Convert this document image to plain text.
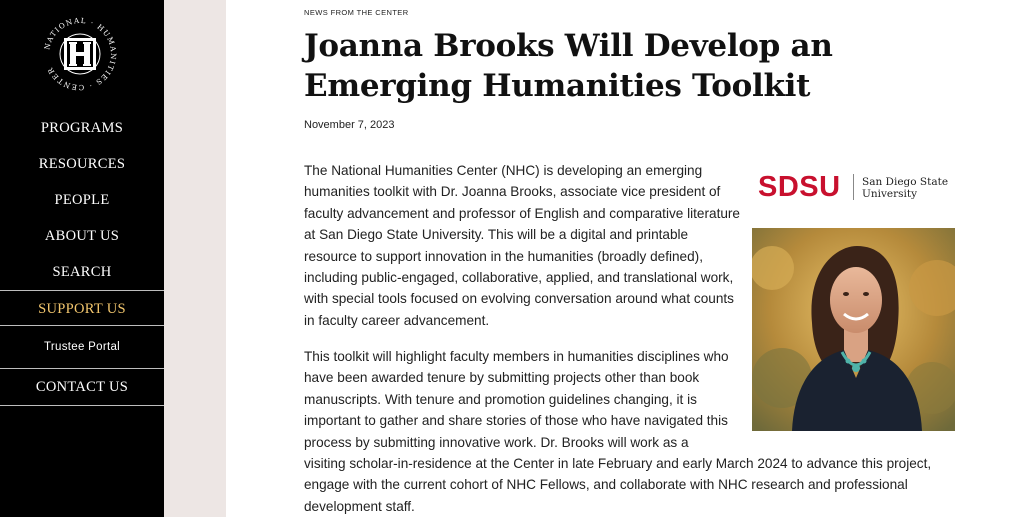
NATIONAL · HUMANITIES · CENTER
H
PROGRAMS
RESOURCES
PEOPLE
ABOUT US
SEARCH
SUPPORT US
Trustee Portal
CONTACT US
NEWS FROM THE CENTER
Joanna Brooks Will Develop an Emerging Humanities Toolkit
November 7, 2023

The National Humanities Center (NHC) is developing an emerging humanities toolkit with Dr. Joanna Brooks, associate vice president of faculty advancement and professor of English and comparative literature at San Diego State University. This will be a digital and printable resource to support innovation in the humanities (broadly defined), including public-engaged, collaborative, applied, and translational work, with special tools focused on evolving conversation around what counts in faculty career advancement.

This toolkit will highlight faculty members in humanities disciplines who have been awarded tenure by submitting projects other than book manuscripts. With tenure and promotion guidelines changing, it is important to gather and share stories of those who have navigated this process by submitting innovative work. Dr. Brooks will work as a
visiting scholar-in-residence at the Center in late February and early March 2024 to advance this project, engage with the current cohort of NHC Fellows, and collaborate with NHC research and professional development staff.
SDSU San Diego State
University
